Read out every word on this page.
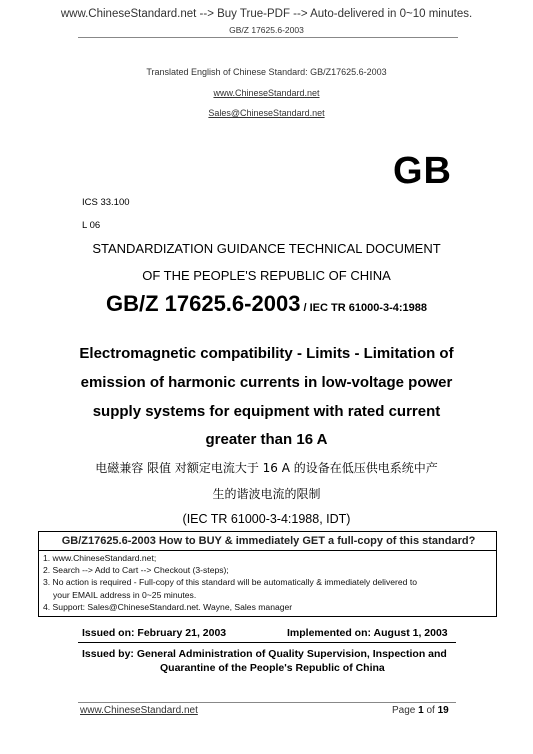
www.ChineseStandard.net --> Buy True-PDF --> Auto-delivered in 0~10 minutes.
GB/Z 17625.6-2003
Translated English of Chinese Standard: GB/Z17625.6-2003
www.ChineseStandard.net
Sales@ChineseStandard.net
GB
ICS 33.100
L 06
STANDARDIZATION GUIDANCE TECHNICAL DOCUMENT
OF THE PEOPLE'S REPUBLIC OF CHINA
GB/Z 17625.6-2003 / IEC TR 61000-3-4:1988
Electromagnetic compatibility - Limits - Limitation of
emission of harmonic currents in low-voltage power
supply systems for equipment with rated current
greater than 16 A
电磁兼容 限值 对额定电流大于 16 A 的设备在低压供电系统中产
生的谐波电流的限制
(IEC TR 61000-3-4:1988, IDT)
GB/Z17625.6-2003 How to BUY & immediately GET a full-copy of this standard?
1. www.ChineseStandard.net;
2. Search --> Add to Cart --> Checkout (3-steps);
3. No action is required - Full-copy of this standard will be automatically & immediately delivered to
your EMAIL address in 0~25 minutes.
4. Support: Sales@ChineseStandard.net. Wayne, Sales manager
Issued on: February 21, 2003	Implemented on: August 1, 2003
Issued by: General Administration of Quality Supervision, Inspection and
Quarantine of the People's Republic of China
www.ChineseStandard.net	Page 1 of 19
